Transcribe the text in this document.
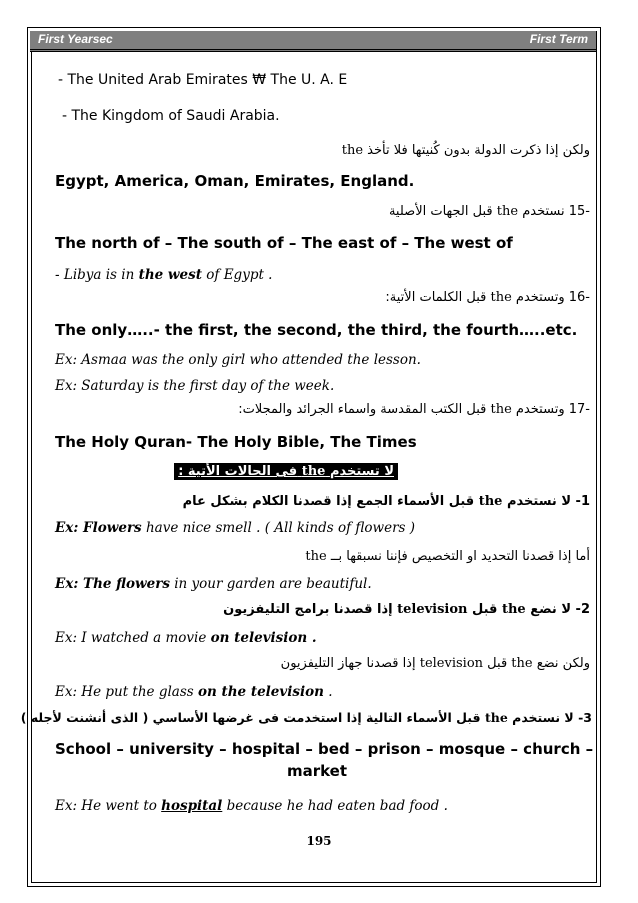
First Yearsec	First Term
- The United Arab Emirates ₩ The U. A. E
- The Kingdom of Saudi Arabia.
ولكن إذا ذكرت الدولة بدون كُنيتها فلا تأخذ the
Egypt, America, Oman, Emirates, England.
-15 نستخدم the قبل الجهات الأصلية
The north of – The south of – The east of – The west of
- Libya is in the west of Egypt .
-16 وتستخدم the قبل الكلمات الأتية:
The only…..- the first, the second, the third, the fourth…..etc.
Ex: Asmaa was the only girl who attended the lesson.
Ex: Saturday is the first day of the week.
-17 وتستخدم the قبل الكتب المقدسة واسماء الجرائد والمجلات:
The Holy Quran- The Holy Bible, The Times
لا تستخدم the فى الحالات الأتية :
1- لا نستخدم the قبل الأسماء الجمع إذا قصدنا الكلام بشكل عام
Ex: Flowers have nice smell . ( All kinds of flowers )
أما إذا قصدنا التحديد او التخصيص فإننا نسبقها بــ the
Ex: The flowers in your garden are beautiful.
2- لا نضع the قبل television إذا قصدنا برامج التليفزيون
Ex: I watched a movie on television .
ولكن نضع the قبل television إذا قصدنا جهاز التليفزيون
Ex: He put the glass on the television .
3- لا نستخدم the قبل الأسماء التالية إذا استخدمت فى غرضها الأساسي ( الذى أنشنت لأجله )
School – university – hospital – bed – prison – mosque – church –
market
Ex: He went to hospital because he had eaten bad food .
195
